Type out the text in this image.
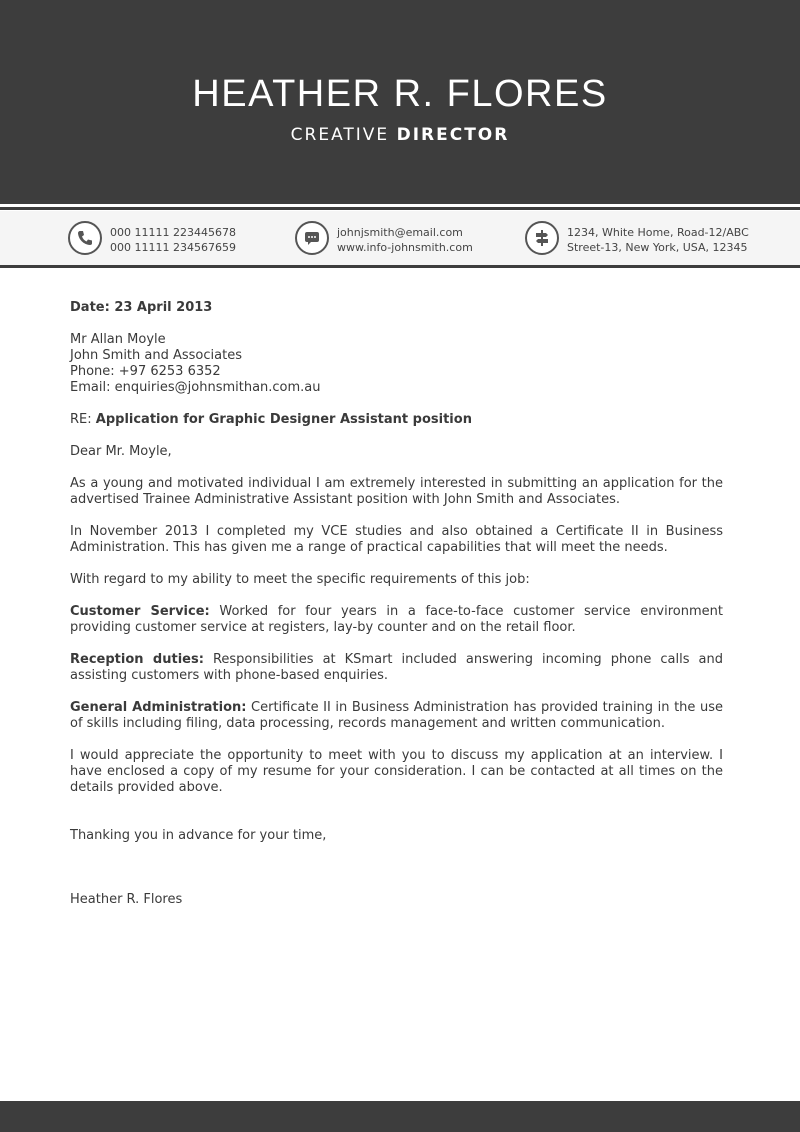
HEATHER R. FLORES
CREATIVE DIRECTOR
000 11111 223445678
000 11111 234567659
johnjsmith@email.com
www.info-johnsmith.com
1234, White Home, Road-12/ABC
Street-13, New York, USA, 12345

Date: 23 April 2013

Mr Allan Moyle
John Smith and Associates
Phone: +97 6253 6352
Email: enquiries@johnsmithan.com.au

RE: Application for Graphic Designer Assistant position

Dear Mr. Moyle,

As a young and motivated individual I am extremely interested in submitting an application for the advertised Trainee Administrative Assistant position with John Smith and Associates.

In November 2013 I completed my VCE studies and also obtained a Certificate II in Business Administration. This has given me a range of practical capabilities that will meet the needs.

With regard to my ability to meet the specific requirements of this job:

Customer Service: Worked for four years in a face-to-face customer service environment providing customer service at registers, lay-by counter and on the retail floor.

Reception duties: Responsibilities at KSmart included answering incoming phone calls and assisting customers with phone-based enquiries.

General Administration: Certificate II in Business Administration has provided training in the use of skills including filing, data processing, records management and written communication.

I would appreciate the opportunity to meet with you to discuss my application at an interview. I have enclosed a copy of my resume for your consideration. I can be contacted at all times on the details provided above.

Thanking you in advance for your time,

Heather R. Flores
